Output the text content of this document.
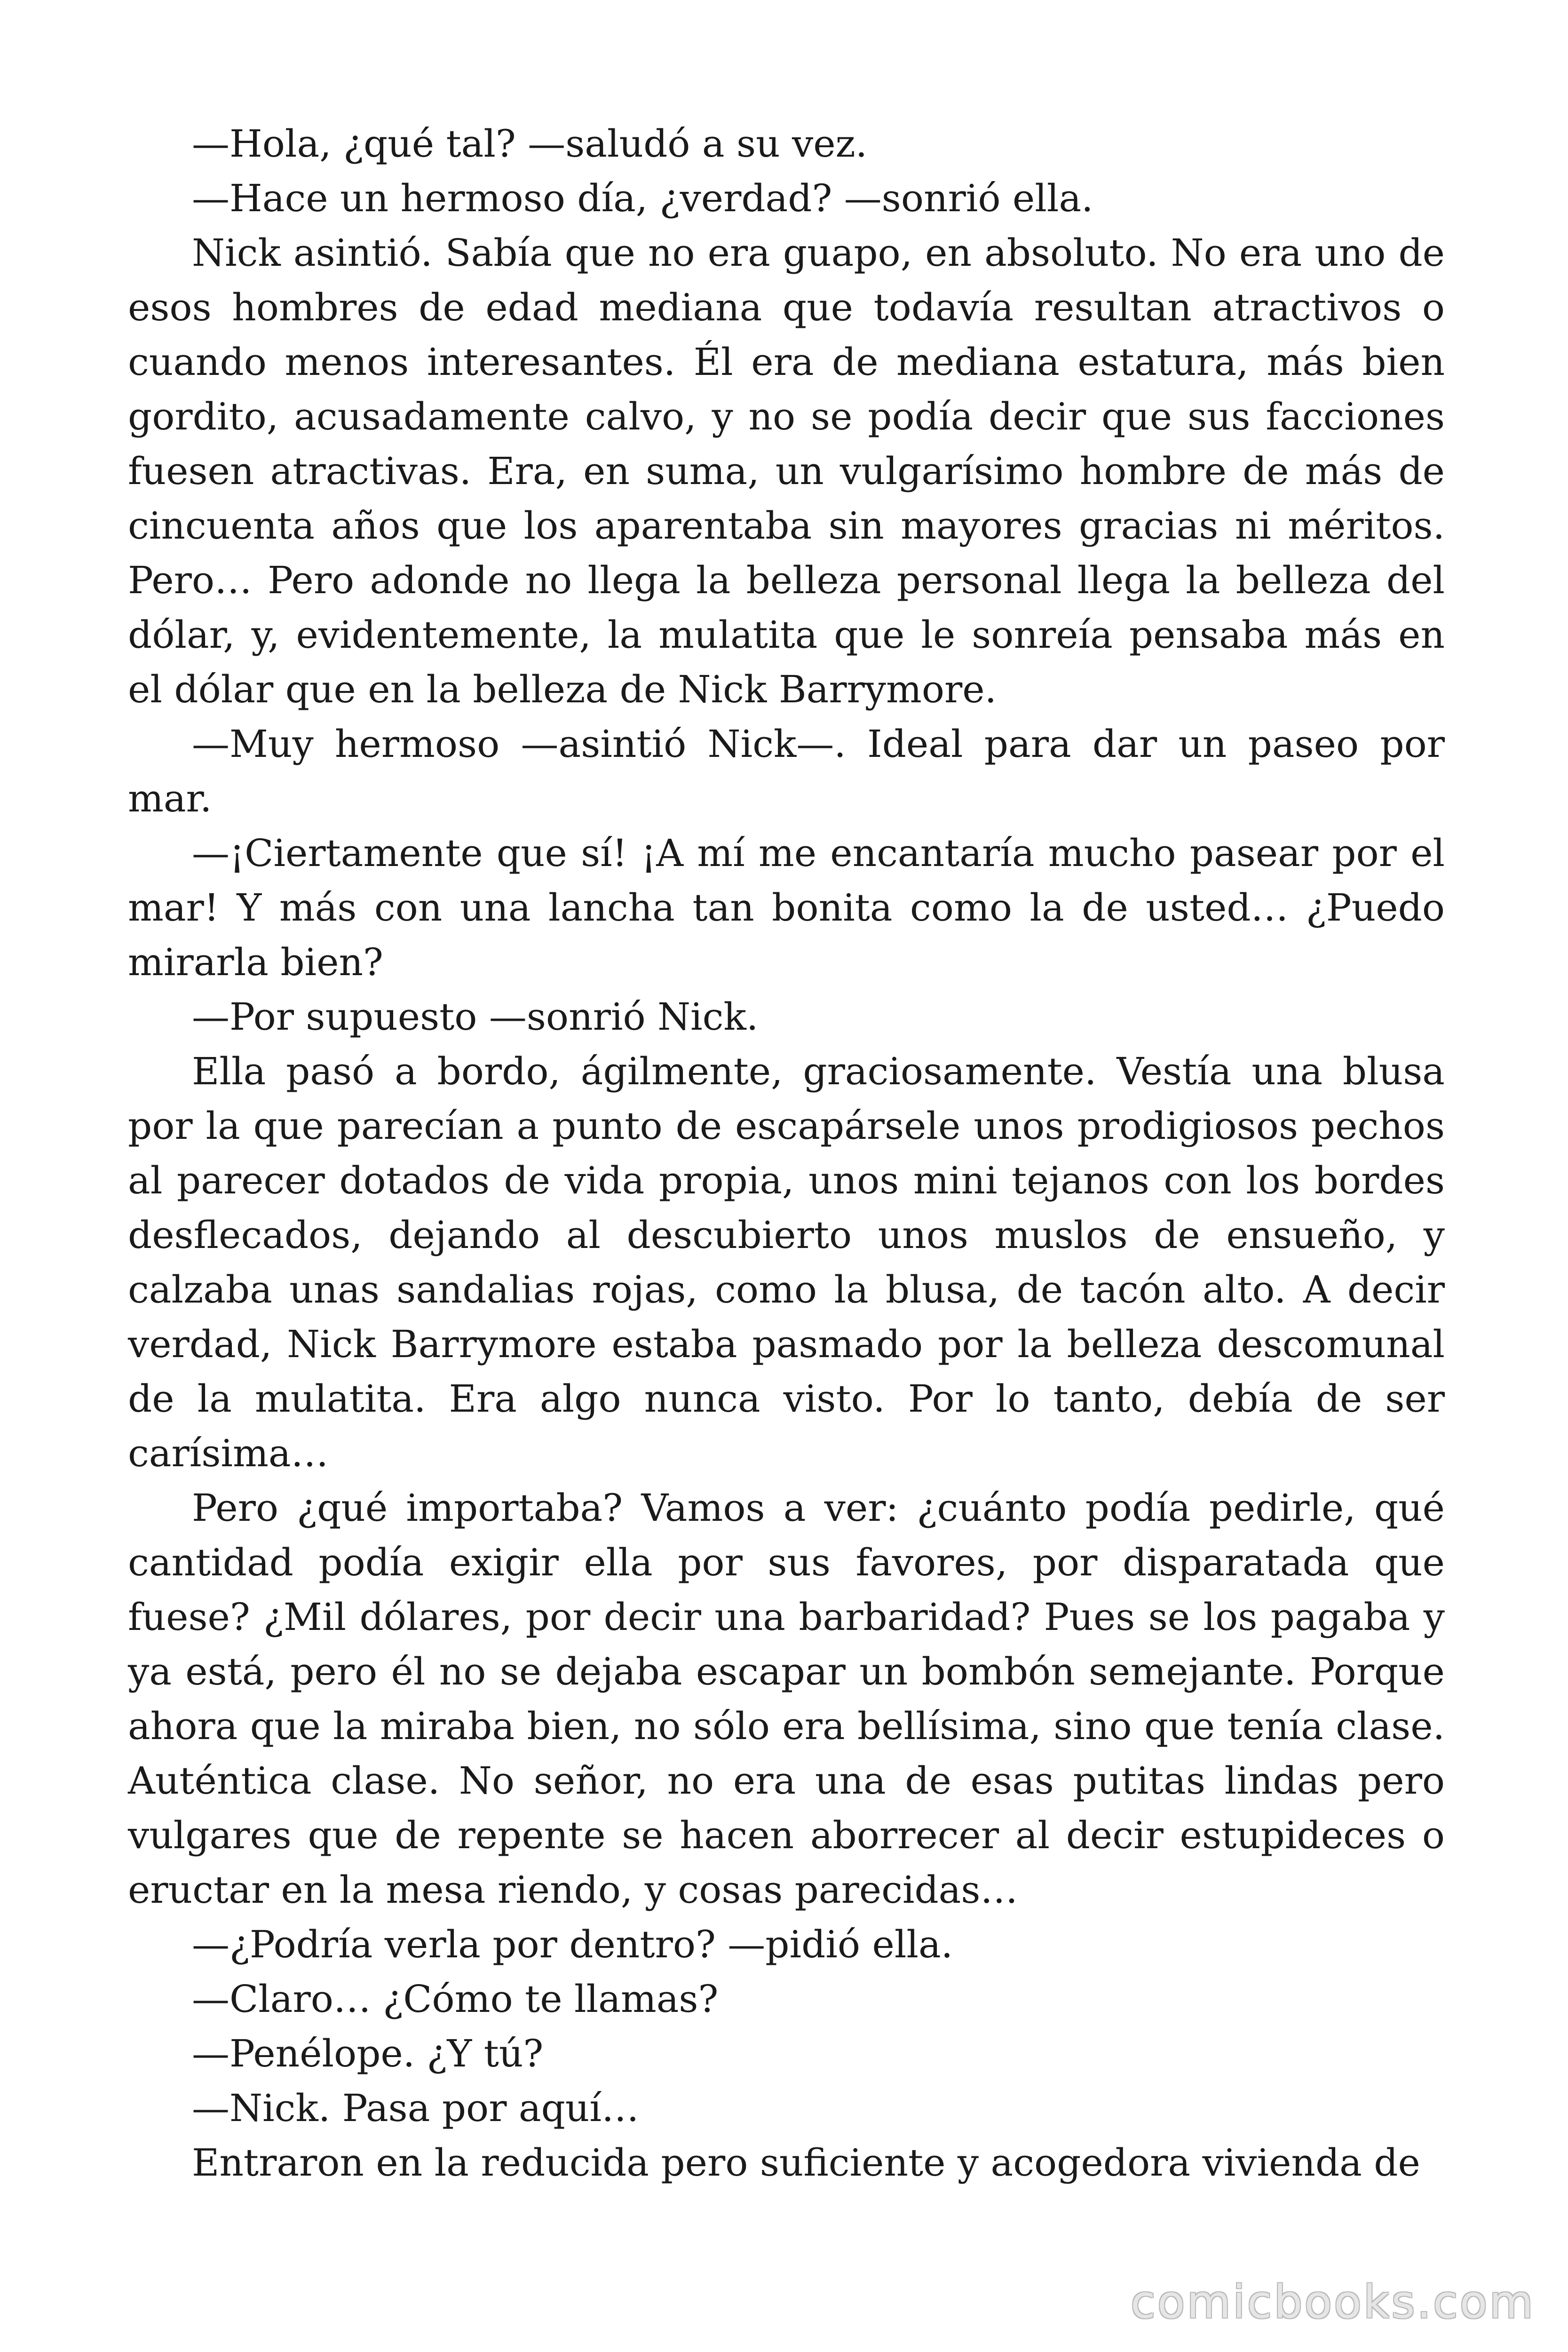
—Hola, ¿qué tal? —saludó a su vez.

—Hace un hermoso día, ¿verdad? —sonrió ella.

Nick asintió. Sabía que no era guapo, en absoluto. No era uno de esos hombres de edad mediana que todavía resultan atractivos o cuando menos interesantes. Él era de mediana estatura, más bien gordito, acusadamente calvo, y no se podía decir que sus facciones fuesen atractivas. Era, en suma, un vulgarísimo hombre de más de cincuenta años que los aparentaba sin mayores gracias ni méritos. Pero… Pero adonde no llega la belleza personal llega la belleza del dólar, y, evidentemente, la mulatita que le sonreía pensaba más en el dólar que en la belleza de Nick Barrymore.

—Muy hermoso —asintió Nick—. Ideal para dar un paseo por mar.

—¡Ciertamente que sí! ¡A mí me encantaría mucho pasear por el mar! Y más con una lancha tan bonita como la de usted… ¿Puedo mirarla bien?

—Por supuesto —sonrió Nick.

Ella pasó a bordo, ágilmente, graciosamente. Vestía una blusa por la que parecían a punto de escapársele unos prodigiosos pechos al parecer dotados de vida propia, unos mini tejanos con los bordes desflecados, dejando al descubierto unos muslos de ensueño, y calzaba unas sandalias rojas, como la blusa, de tacón alto. A decir verdad, Nick Barrymore estaba pasmado por la belleza descomunal de la mulatita. Era algo nunca visto. Por lo tanto, debía de ser carísima…

Pero ¿qué importaba? Vamos a ver: ¿cuánto podía pedirle, qué cantidad podía exigir ella por sus favores, por disparatada que fuese? ¿Mil dólares, por decir una barbaridad? Pues se los pagaba y ya está, pero él no se dejaba escapar un bombón semejante. Porque ahora que la miraba bien, no sólo era bellísima, sino que tenía clase. Auténtica clase. No señor, no era una de esas putitas lindas pero vulgares que de repente se hacen aborrecer al decir estupideces o eructar en la mesa riendo, y cosas parecidas…

—¿Podría verla por dentro? —pidió ella.

—Claro… ¿Cómo te llamas?

—Penélope. ¿Y tú?

—Nick. Pasa por aquí…

Entraron en la reducida pero suficiente y acogedora vivienda de

comicbooks.com
